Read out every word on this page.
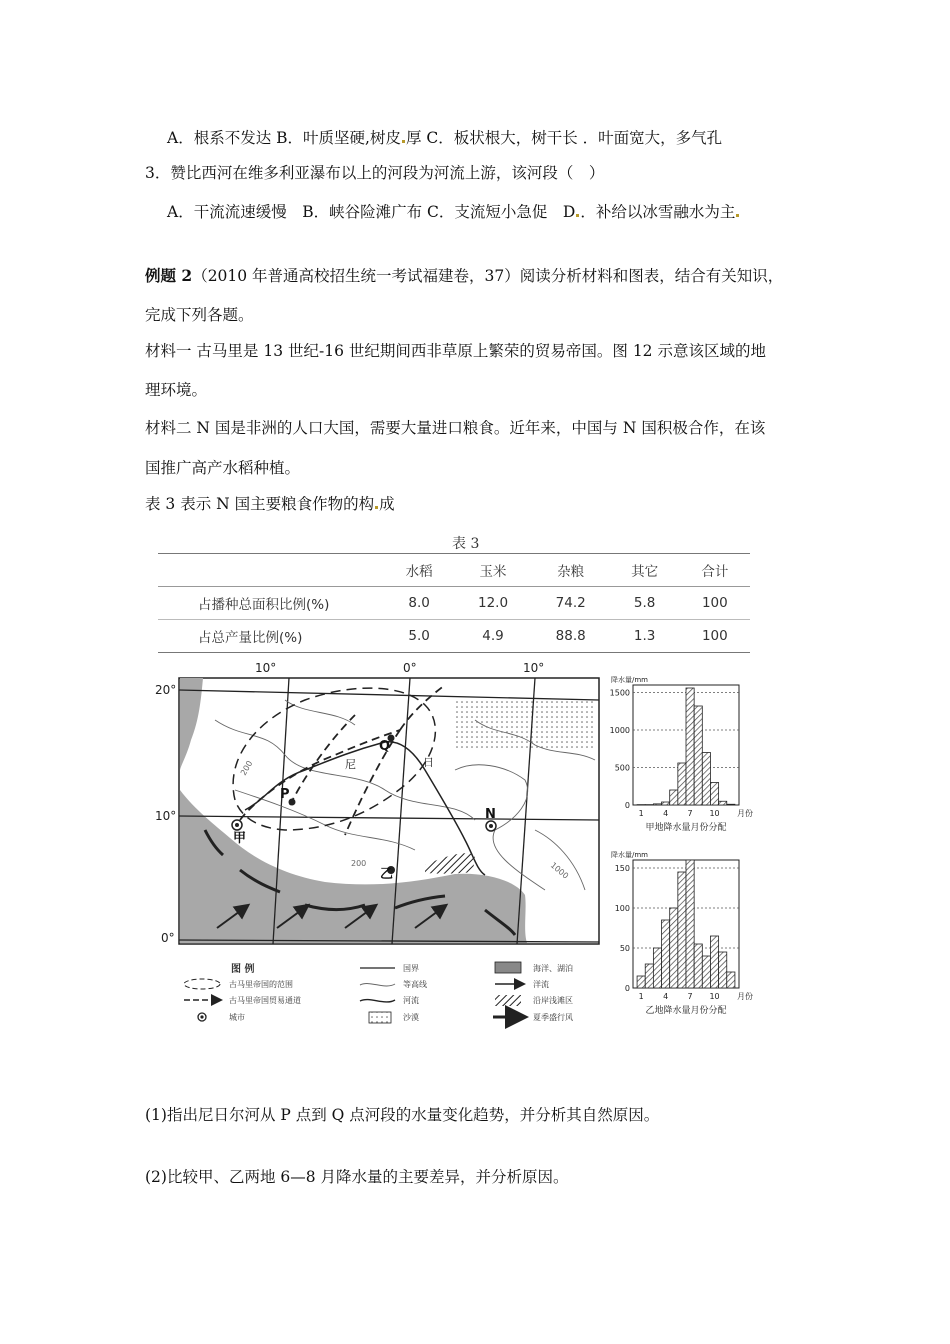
A．根系不发达 B．叶质坚硬,树皮 厚 C．板状根大，树干长 ．叶面宽大，多气孔
3．赞比西河在维多利亚瀑布以上的河段为河流上游，该河段（　）
A．干流流速缓慢　B．峡谷险滩广布 C．支流短小急促　D ．补给以冰雪融水为主
例题 2（2010 年普通高校招生统一考试福建卷，37）阅读分析材料和图表，结合有关知识，
完成下列各题。
材料一 古马里是 13 世纪-16 世纪期间西非草原上繁荣的贸易帝国。图 12 示意该区域的地
理环境。
材料二 N 国是非洲的人口大国，需要大量进口粮食。近年来，中国与 N 国积极合作，在该
国推广高产水稻种植。
表 3 表示 N 国主要粮食作物的构 成
表 3
	水稻	玉米	杂粮	其它	合计
占播种总面积比例(%)	8.0	12.0	74.2	5.8	100
占总产量比例(%)	5.0	4.9	88.8	1.3	100
10°	0°	10°
20°
10°
0°
Q
P
N
甲
乙
尼	日
200
200	1000
图 例
古马里帝国的范围
古马里帝国贸易通道
城市
国界
等高线
河流
沙漠
海洋、湖泊
洋流
沿岸浅滩区
夏季盛行风
0
500
1000
1500
1 4 7 10 月份
降水量/mm
甲地降水量月份分配
0
50
100
150
1 4 7 10 月份
降水量/mm
乙地降水量月份分配
(1)指出尼日尔河从 P 点到 Q 点河段的水量变化趋势，并分析其自然原因。
(2)比较甲、乙两地 6—8 月降水量的主要差异，并分析原因。
